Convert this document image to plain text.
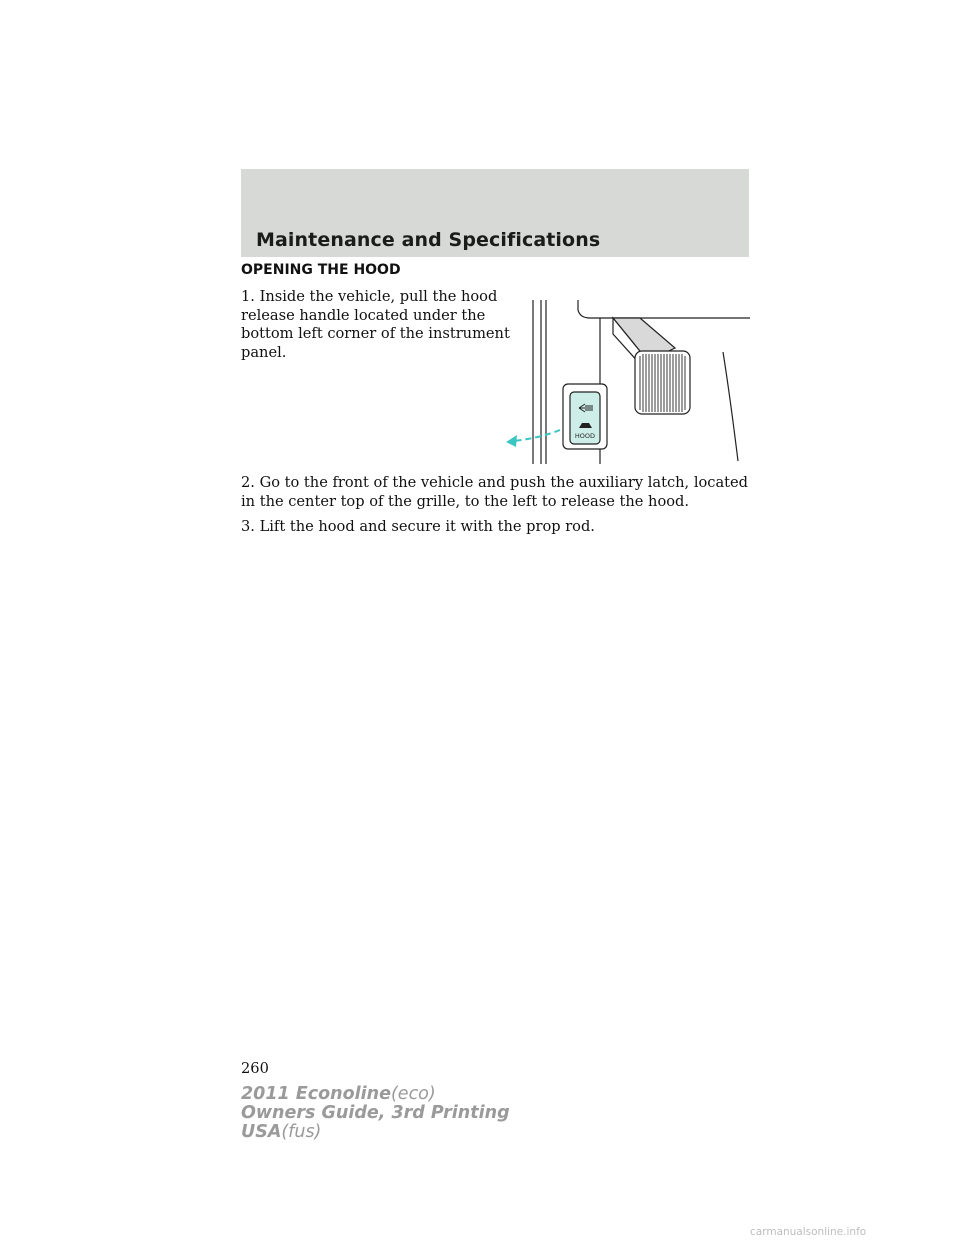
Maintenance and Specifications
OPENING THE HOOD
1. Inside the vehicle, pull the hood release handle located under the bottom left corner of the instrument panel.
HOOD
2. Go to the front of the vehicle and push the auxiliary latch, located in the center top of the grille, to the left to release the hood.
3. Lift the hood and secure it with the prop rod.
260
2011 Econoline(eco)
Owners Guide, 3rd Printing
USA(fus)
carmanualsonline.info
